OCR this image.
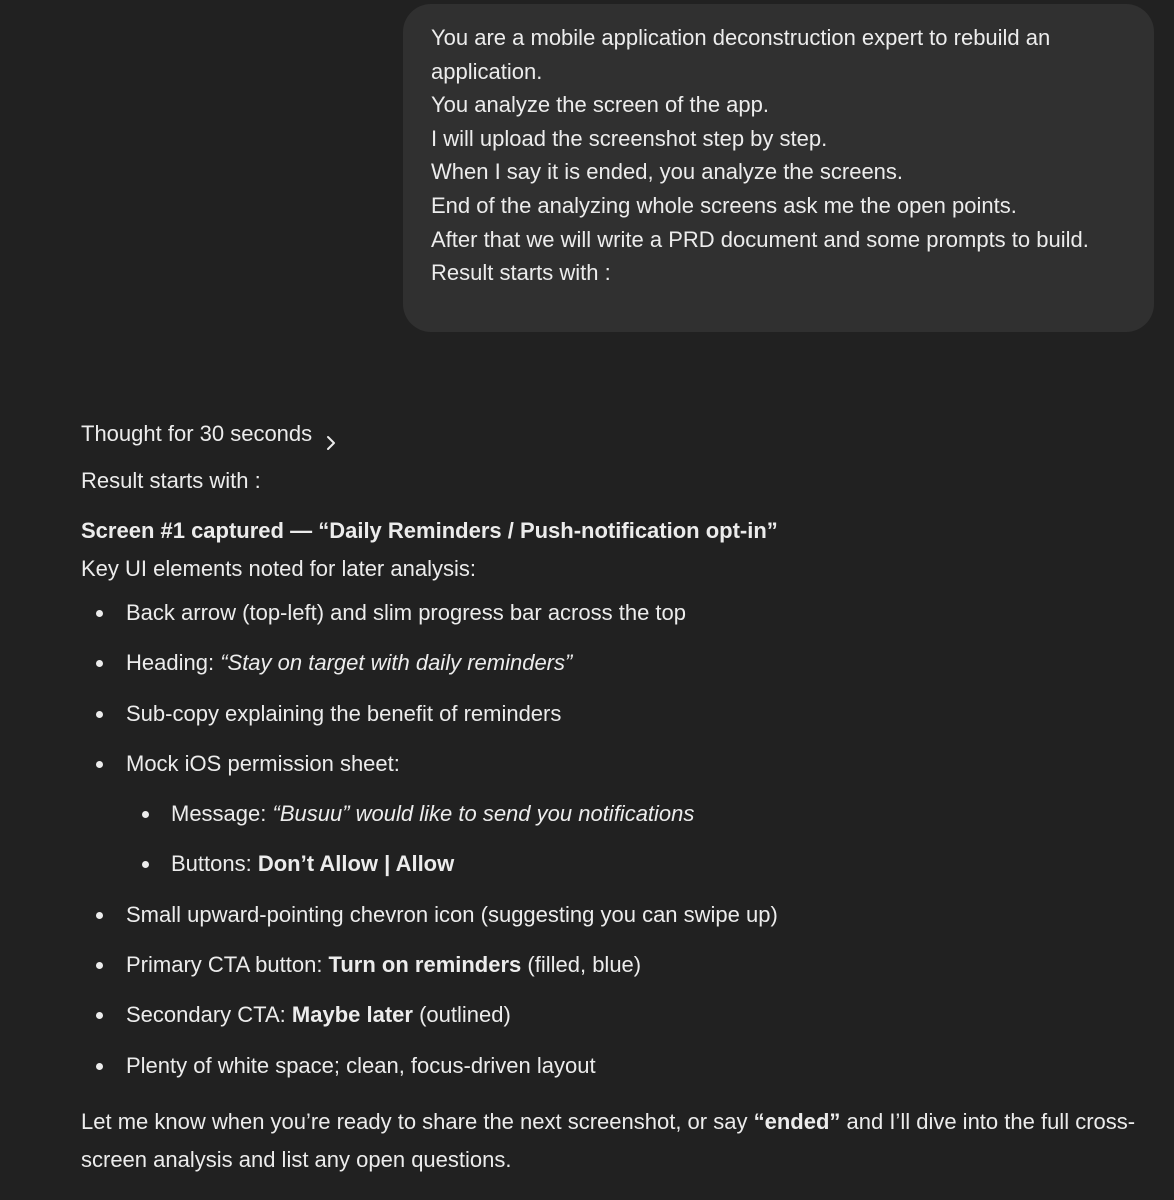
You are a mobile application deconstruction expert to rebuild an
application.
You analyze the screen of the app.
I will upload the screenshot step by step.
When I say it is ended, you analyze the screens.
End of the analyzing whole screens ask me the open points.
After that we will write a PRD document and some prompts to build.
Result starts with :
Thought for 30 seconds
Result starts with :
Screen #1 captured — “Daily Reminders / Push-notification opt-in”
Key UI elements noted for later analysis:
Back arrow (top-left) and slim progress bar across the top
Heading: “Stay on target with daily reminders”
Sub-copy explaining the benefit of reminders
Mock iOS permission sheet:
Message: “Busuu” would like to send you notifications
Buttons: Don’t Allow | Allow
Small upward-pointing chevron icon (suggesting you can swipe up)
Primary CTA button: Turn on reminders (filled, blue)
Secondary CTA: Maybe later (outlined)
Plenty of white space; clean, focus-driven layout
Let me know when you’re ready to share the next screenshot, or say “ended” and I’ll dive into the full cross-screen analysis and list any open questions.
